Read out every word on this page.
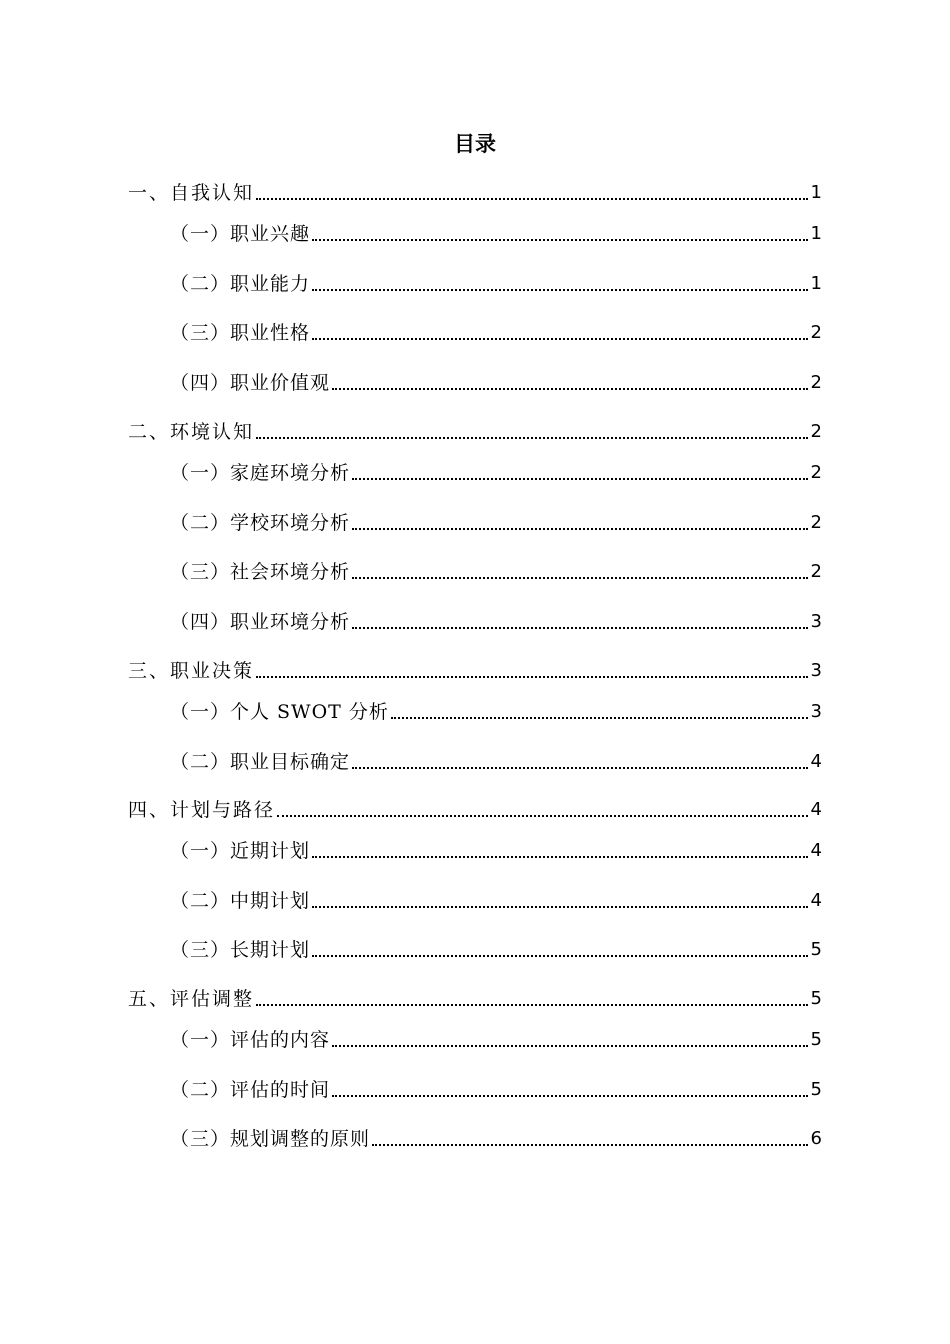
目录
一、自我认知	1
（一）职业兴趣	1
（二）职业能力	1
（三）职业性格	2
（四）职业价值观	2
二、环境认知	2
（一）家庭环境分析	2
（二）学校环境分析	2
（三）社会环境分析	2
（四）职业环境分析	3
三、职业决策	3
（一）个人 SWOT 分析	3
（二）职业目标确定	4
四、计划与路径	4
（一）近期计划	4
（二）中期计划	4
（三）长期计划	5
五、评估调整	5
（一）评估的内容	5
（二）评估的时间	5
（三）规划调整的原则	6
